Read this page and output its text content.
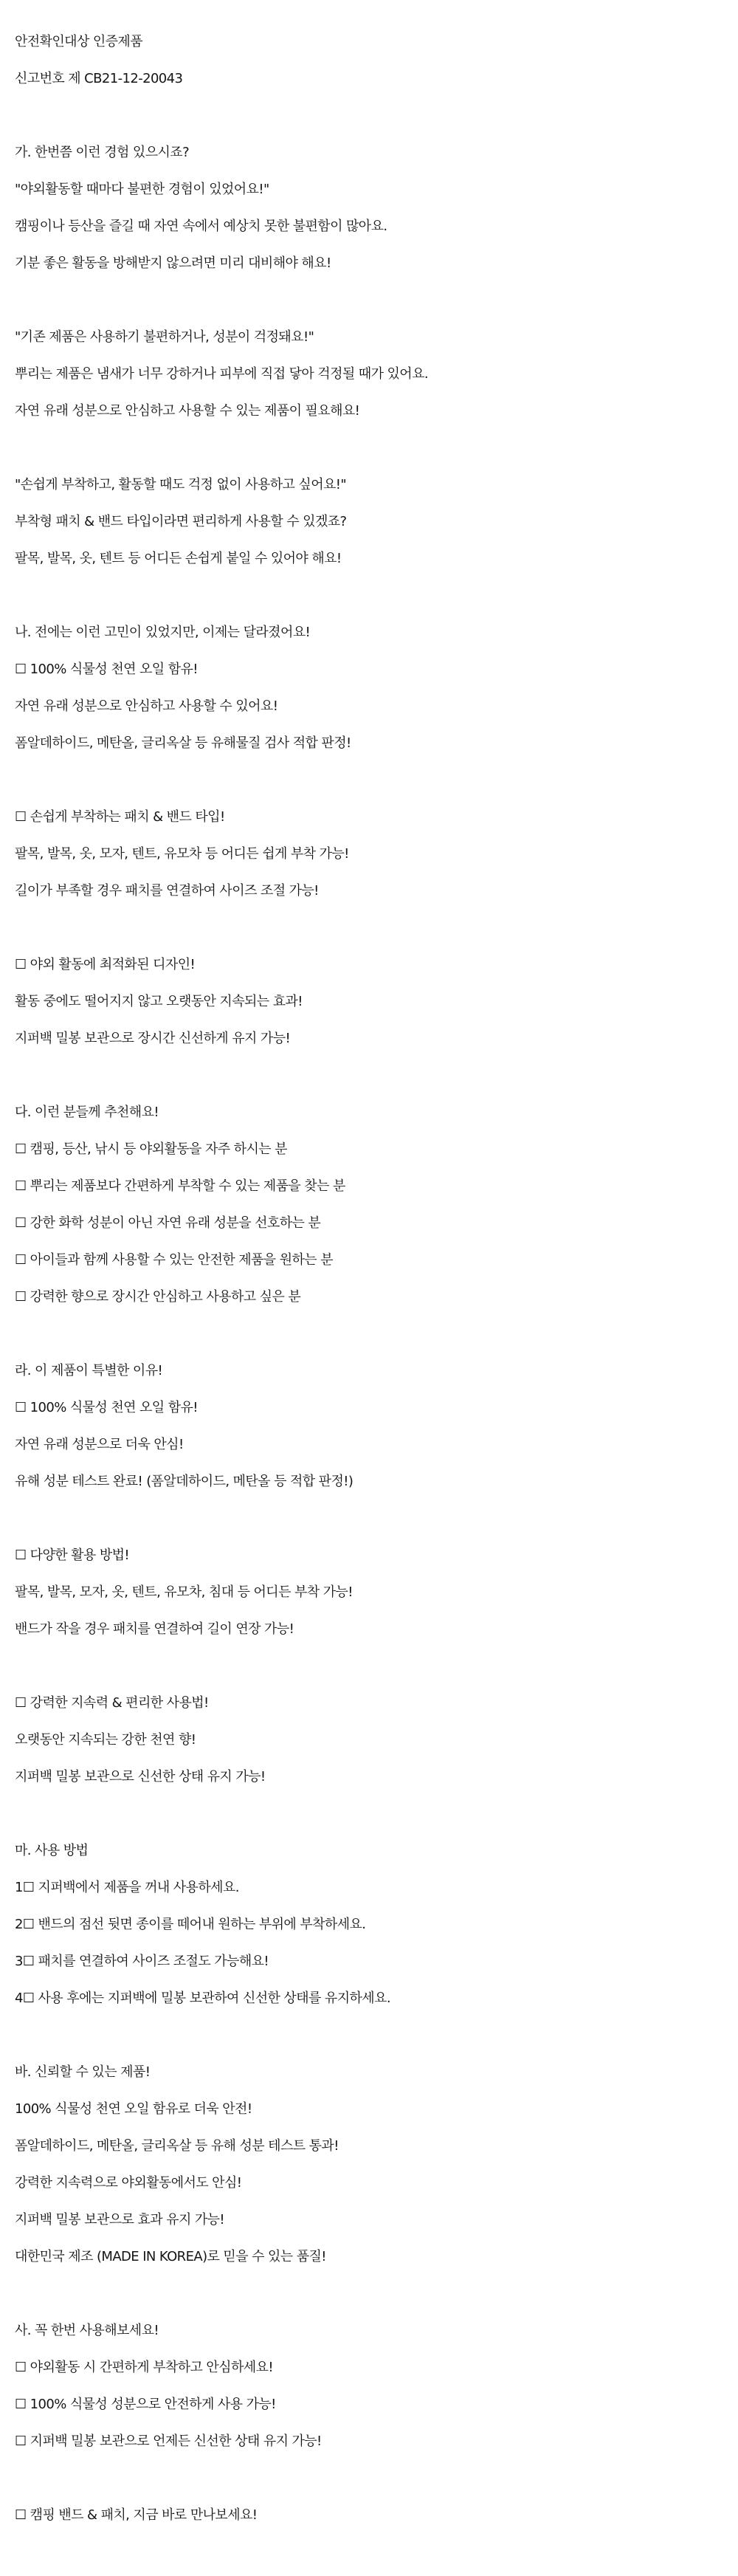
안전확인대상 인증제품
신고번호 제 CB21-12-20043
가. 한번쯤 이런 경험 있으시죠?
"야외활동할 때마다 불편한 경험이 있었어요!"
캠핑이나 등산을 즐길 때 자연 속에서 예상치 못한 불편함이 많아요.
기분 좋은 활동을 방해받지 않으려면 미리 대비해야 해요!
"기존 제품은 사용하기 불편하거나, 성분이 걱정돼요!"
뿌리는 제품은 냄새가 너무 강하거나 피부에 직접 닿아 걱정될 때가 있어요.
자연 유래 성분으로 안심하고 사용할 수 있는 제품이 필요해요!
"손쉽게 부착하고, 활동할 때도 걱정 없이 사용하고 싶어요!"
부착형 패치 & 밴드 타입이라면 편리하게 사용할 수 있겠죠?
팔목, 발목, 옷, 텐트 등 어디든 손쉽게 붙일 수 있어야 해요!
나. 전에는 이런 고민이 있었지만, 이제는 달라졌어요!
☐ 100% 식물성 천연 오일 함유!
자연 유래 성분으로 안심하고 사용할 수 있어요!
폼알데하이드, 메탄올, 글리옥살 등 유해물질 검사 적합 판정!
☐ 손쉽게 부착하는 패치 & 밴드 타입!
팔목, 발목, 옷, 모자, 텐트, 유모차 등 어디든 쉽게 부착 가능!
길이가 부족할 경우 패치를 연결하여 사이즈 조절 가능!
☐ 야외 활동에 최적화된 디자인!
활동 중에도 떨어지지 않고 오랫동안 지속되는 효과!
지퍼백 밀봉 보관으로 장시간 신선하게 유지 가능!
다. 이런 분들께 추천해요!
☐ 캠핑, 등산, 낚시 등 야외활동을 자주 하시는 분
☐ 뿌리는 제품보다 간편하게 부착할 수 있는 제품을 찾는 분
☐ 강한 화학 성분이 아닌 자연 유래 성분을 선호하는 분
☐ 아이들과 함께 사용할 수 있는 안전한 제품을 원하는 분
☐ 강력한 향으로 장시간 안심하고 사용하고 싶은 분
라. 이 제품이 특별한 이유!
☐ 100% 식물성 천연 오일 함유!
자연 유래 성분으로 더욱 안심!
유해 성분 테스트 완료! (폼알데하이드, 메탄올 등 적합 판정!)
☐ 다양한 활용 방법!
팔목, 발목, 모자, 옷, 텐트, 유모차, 침대 등 어디든 부착 가능!
밴드가 작을 경우 패치를 연결하여 길이 연장 가능!
☐ 강력한 지속력 & 편리한 사용법!
오랫동안 지속되는 강한 천연 향!
지퍼백 밀봉 보관으로 신선한 상태 유지 가능!
마. 사용 방법
1☐ 지퍼백에서 제품을 꺼내 사용하세요.
2☐ 밴드의 점선 뒷면 종이를 떼어내 원하는 부위에 부착하세요.
3☐ 패치를 연결하여 사이즈 조절도 가능해요!
4☐ 사용 후에는 지퍼백에 밀봉 보관하여 신선한 상태를 유지하세요.
바. 신뢰할 수 있는 제품!
100% 식물성 천연 오일 함유로 더욱 안전!
폼알데하이드, 메탄올, 글리옥살 등 유해 성분 테스트 통과!
강력한 지속력으로 야외활동에서도 안심!
지퍼백 밀봉 보관으로 효과 유지 가능!
대한민국 제조 (MADE IN KOREA)로 믿을 수 있는 품질!
사. 꼭 한번 사용해보세요!
☐ 야외활동 시 간편하게 부착하고 안심하세요!
☐ 100% 식물성 성분으로 안전하게 사용 가능!
☐ 지퍼백 밀봉 보관으로 언제든 신선한 상태 유지 가능!
☐ 캠핑 밴드 & 패치, 지금 바로 만나보세요!
